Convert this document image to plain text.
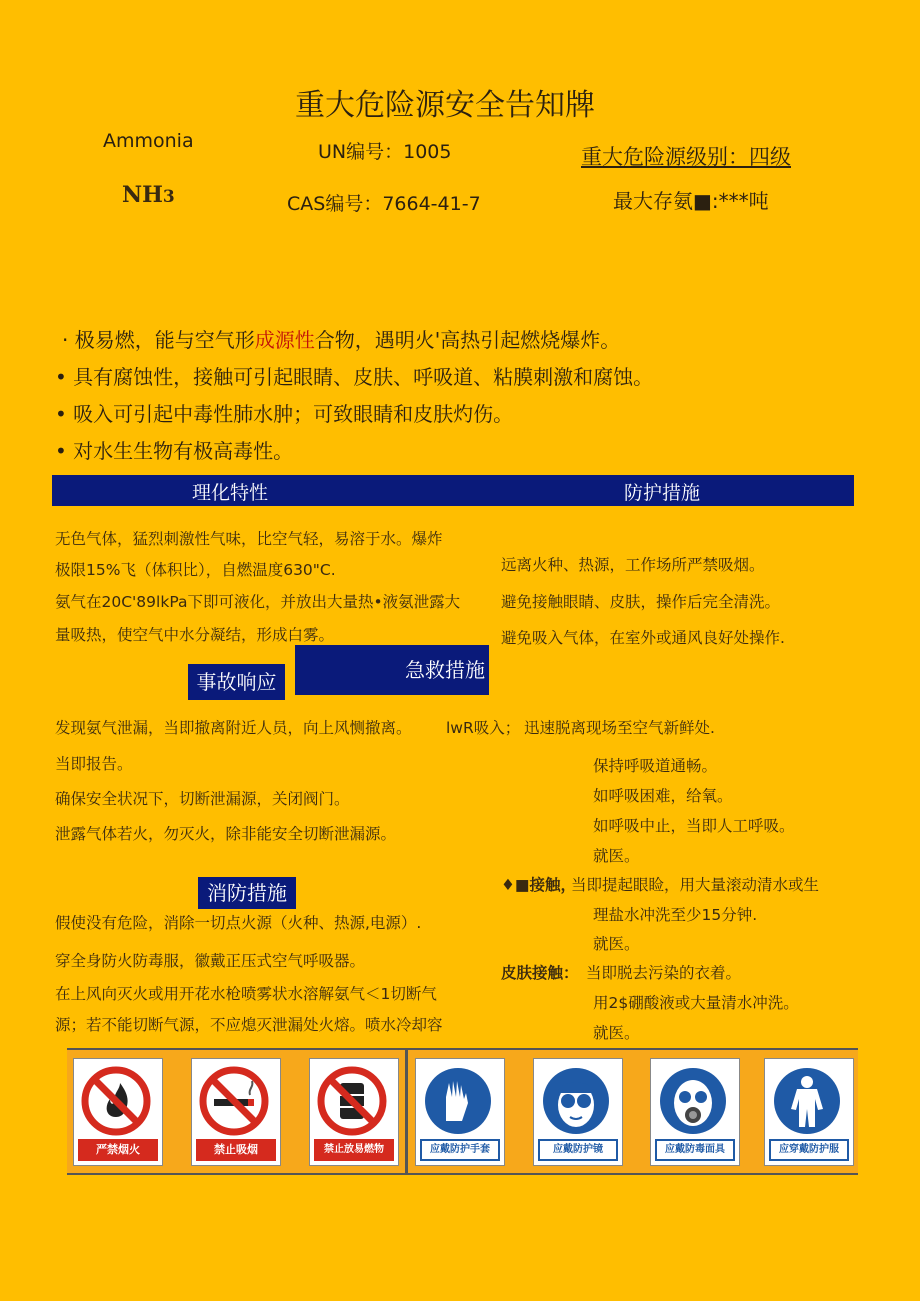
重大危险源安全告知牌
Ammonia
NH3
UN编号：1005
CAS编号：7664-41-7
重大危险源级别：四级
最大存氨■:***吨
· 极易燃，能与空气形成源性合物，遇明火'高热引起燃烧爆炸。
• 具有腐蚀性，接触可引起眼睛、皮肤、呼吸道、粘膜刺激和腐蚀。
• 吸入可引起中毒性肺水肿；可致眼睛和皮肤灼伤。
• 对水生生物有极高毒性。
理化特性	防护措施
无色气体，猛烈刺激性气味，比空气轻，易溶于水。爆炸
极限15%飞（体积比），自燃温度630"C.
氨气在20C'89lkPa下即可液化，并放出大量热•液氨泄露大
量吸热，使空气中水分凝结，形成白雾。
远离火种、热源，工作场所严禁吸烟。
避免接触眼睛、皮肤，操作后完全清洗。
避免吸入气体，在室外或通风良好处操作.
事故响应	急救措施
发现氨气泄漏，当即撤离附近人员，向上风恻撤离。 lwR吸入； 迅速脱离现场至空气新鲜处.
当即报告。
确保安全状况下，切断泄漏源，关闭阀门。
泄露气体若火，勿灭火，除非能安全切断泄漏源。
保持呼吸道通畅。
如呼吸困难，给氧。
如呼吸中止，当即人工呼吸。
就医。
♦■接触，
当即提起眼睑，用大量滚动清水或生
理盐水冲洗至少15分钟.
就医。
皮肤接触： 当即脱去污染的衣着。
用2$硼酸液或大量清水冲洗。
就医。
消防措施
假使没有危险，消除一切点火源（火种、热源,电源）.
穿全身防火防毒服，徽戴正压式空气呼吸器。
在上风向灭火或用开花水枪喷雾状水溶解氨气＜1切断气
源；若不能切断气源，不应熄灭泄漏处火熔。喷水冷却容
严禁烟火	禁止吸烟	禁止放易燃物	应戴防护手套	应戴防护镜	应戴防毒面具	应穿戴防护服
